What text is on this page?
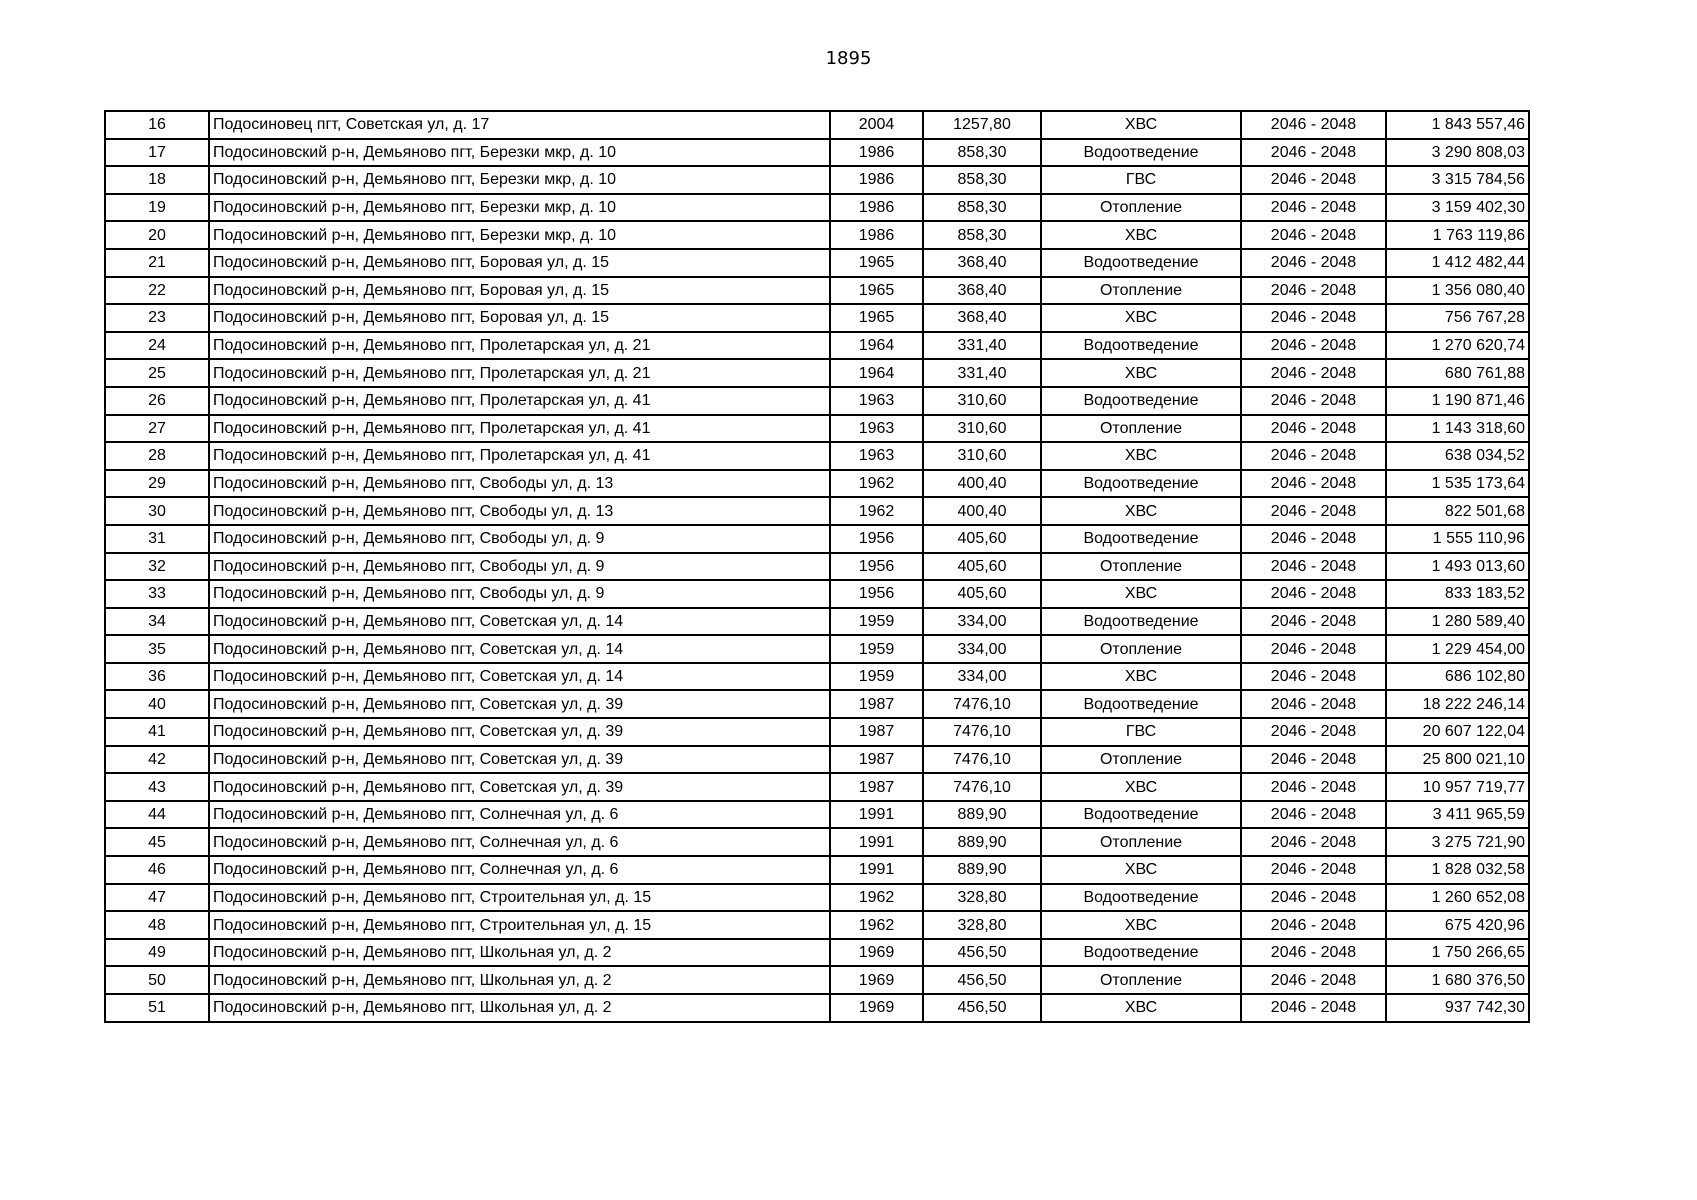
1895
16	Подосиновец пгт, Советская ул, д. 17	2004	1257,80	ХВС	2046 - 2048	1 843 557,46
17	Подосиновский р-н, Демьяново пгт, Березки мкр, д. 10	1986	858,30	Водоотведение	2046 - 2048	3 290 808,03
18	Подосиновский р-н, Демьяново пгт, Березки мкр, д. 10	1986	858,30	ГВС	2046 - 2048	3 315 784,56
19	Подосиновский р-н, Демьяново пгт, Березки мкр, д. 10	1986	858,30	Отопление	2046 - 2048	3 159 402,30
20	Подосиновский р-н, Демьяново пгт, Березки мкр, д. 10	1986	858,30	ХВС	2046 - 2048	1 763 119,86
21	Подосиновский р-н, Демьяново пгт, Боровая ул, д. 15	1965	368,40	Водоотведение	2046 - 2048	1 412 482,44
22	Подосиновский р-н, Демьяново пгт, Боровая ул, д. 15	1965	368,40	Отопление	2046 - 2048	1 356 080,40
23	Подосиновский р-н, Демьяново пгт, Боровая ул, д. 15	1965	368,40	ХВС	2046 - 2048	756 767,28
24	Подосиновский р-н, Демьяново пгт, Пролетарская ул, д. 21	1964	331,40	Водоотведение	2046 - 2048	1 270 620,74
25	Подосиновский р-н, Демьяново пгт, Пролетарская ул, д. 21	1964	331,40	ХВС	2046 - 2048	680 761,88
26	Подосиновский р-н, Демьяново пгт, Пролетарская ул, д. 41	1963	310,60	Водоотведение	2046 - 2048	1 190 871,46
27	Подосиновский р-н, Демьяново пгт, Пролетарская ул, д. 41	1963	310,60	Отопление	2046 - 2048	1 143 318,60
28	Подосиновский р-н, Демьяново пгт, Пролетарская ул, д. 41	1963	310,60	ХВС	2046 - 2048	638 034,52
29	Подосиновский р-н, Демьяново пгт, Свободы ул, д. 13	1962	400,40	Водоотведение	2046 - 2048	1 535 173,64
30	Подосиновский р-н, Демьяново пгт, Свободы ул, д. 13	1962	400,40	ХВС	2046 - 2048	822 501,68
31	Подосиновский р-н, Демьяново пгт, Свободы ул, д. 9	1956	405,60	Водоотведение	2046 - 2048	1 555 110,96
32	Подосиновский р-н, Демьяново пгт, Свободы ул, д. 9	1956	405,60	Отопление	2046 - 2048	1 493 013,60
33	Подосиновский р-н, Демьяново пгт, Свободы ул, д. 9	1956	405,60	ХВС	2046 - 2048	833 183,52
34	Подосиновский р-н, Демьяново пгт, Советская ул, д. 14	1959	334,00	Водоотведение	2046 - 2048	1 280 589,40
35	Подосиновский р-н, Демьяново пгт, Советская ул, д. 14	1959	334,00	Отопление	2046 - 2048	1 229 454,00
36	Подосиновский р-н, Демьяново пгт, Советская ул, д. 14	1959	334,00	ХВС	2046 - 2048	686 102,80
40	Подосиновский р-н, Демьяново пгт, Советская ул, д. 39	1987	7476,10	Водоотведение	2046 - 2048	18 222 246,14
41	Подосиновский р-н, Демьяново пгт, Советская ул, д. 39	1987	7476,10	ГВС	2046 - 2048	20 607 122,04
42	Подосиновский р-н, Демьяново пгт, Советская ул, д. 39	1987	7476,10	Отопление	2046 - 2048	25 800 021,10
43	Подосиновский р-н, Демьяново пгт, Советская ул, д. 39	1987	7476,10	ХВС	2046 - 2048	10 957 719,77
44	Подосиновский р-н, Демьяново пгт, Солнечная ул, д. 6	1991	889,90	Водоотведение	2046 - 2048	3 411 965,59
45	Подосиновский р-н, Демьяново пгт, Солнечная ул, д. 6	1991	889,90	Отопление	2046 - 2048	3 275 721,90
46	Подосиновский р-н, Демьяново пгт, Солнечная ул, д. 6	1991	889,90	ХВС	2046 - 2048	1 828 032,58
47	Подосиновский р-н, Демьяново пгт, Строительная ул, д. 15	1962	328,80	Водоотведение	2046 - 2048	1 260 652,08
48	Подосиновский р-н, Демьяново пгт, Строительная ул, д. 15	1962	328,80	ХВС	2046 - 2048	675 420,96
49	Подосиновский р-н, Демьяново пгт, Школьная ул, д. 2	1969	456,50	Водоотведение	2046 - 2048	1 750 266,65
50	Подосиновский р-н, Демьяново пгт, Школьная ул, д. 2	1969	456,50	Отопление	2046 - 2048	1 680 376,50
51	Подосиновский р-н, Демьяново пгт, Школьная ул, д. 2	1969	456,50	ХВС	2046 - 2048	937 742,30
